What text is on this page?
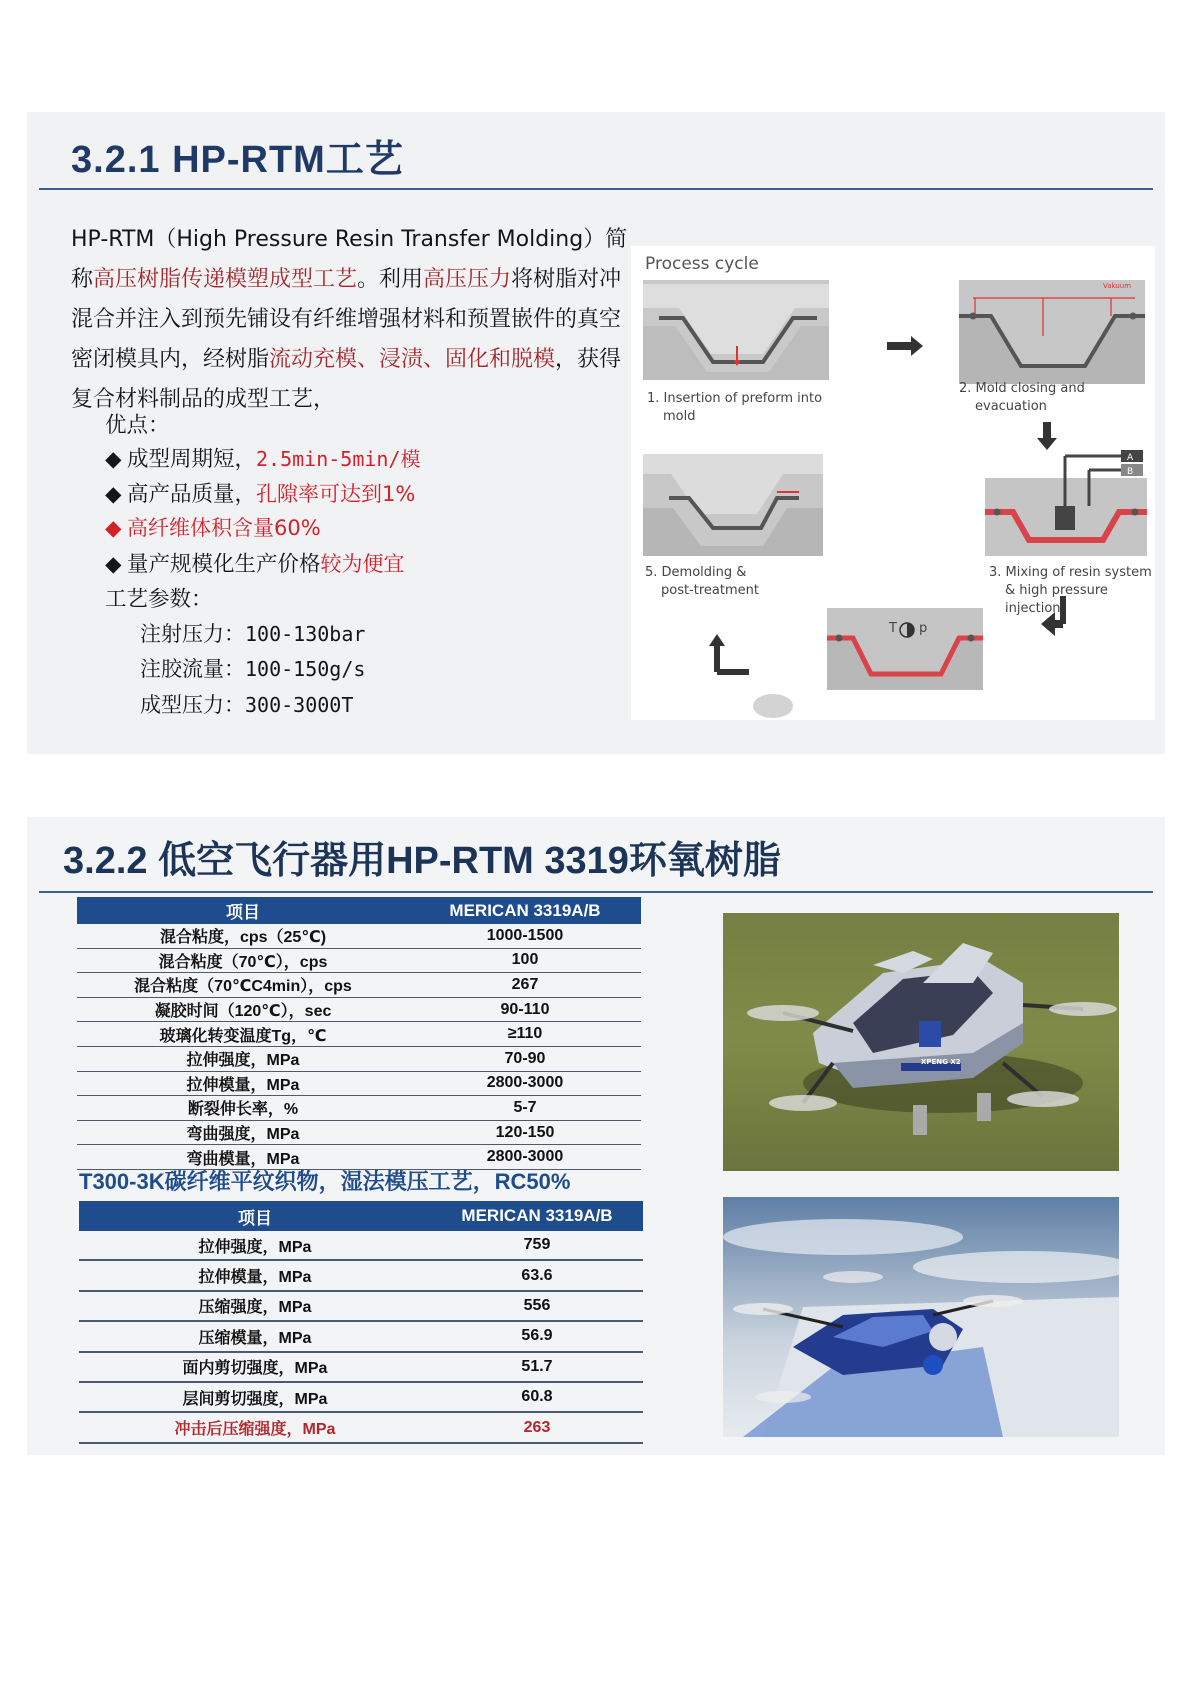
3.2.1 HP-RTM工艺
HP-RTM（High Pressure Resin Transfer Molding）简称高压树脂传递模塑成型工艺。利用高压压力将树脂对冲混合并注入到预先铺设有纤维增强材料和预置嵌件的真空密闭模具内，经树脂流动充模、浸渍、固化和脱模，获得复合材料制品的成型工艺，
优点：
◆ 成型周期短，2.5min-5min/模
◆ 高产品质量，孔隙率可达到1%
◆ 高纤维体积含量60%
◆ 量产规模化生产价格较为便宜
工艺参数：
注射压力：100-130bar
注胶流量：100-150g/s
成型压力：300-3000T
Process cycle
Vakuum
1. Insertion of preform into
mold
2. Mold closing and
evacuation
3. Mixing of resin system
& high pressure
injection
5. Demolding &
post-treatment
T p
A
B
3.2.2 低空飞行器用HP-RTM 3319环氧树脂
项目	MERICAN 3319A/B
混合粘度，cps（25℃)	1000-1500
混合粘度（70℃），cps	100
混合粘度（70℃C4min），cps	267
凝胶时间（120℃），sec	90-110
玻璃化转变温度Tg，℃	≥110
拉伸强度，MPa	70-90
拉伸模量，MPa	2800-3000
断裂伸长率，%	5-7
弯曲强度，MPa	120-150
弯曲模量，MPa	2800-3000
T300-3K碳纤维平纹织物，湿法模压工艺，RC50%
项目	MERICAN 3319A/B
拉伸强度，MPa	759
拉伸模量，MPa	63.6
压缩强度，MPa	556
压缩模量，MPa	56.9
面内剪切强度，MPa	51.7
层间剪切强度，MPa	60.8
冲击后压缩强度，MPa	263
XPENG X2
